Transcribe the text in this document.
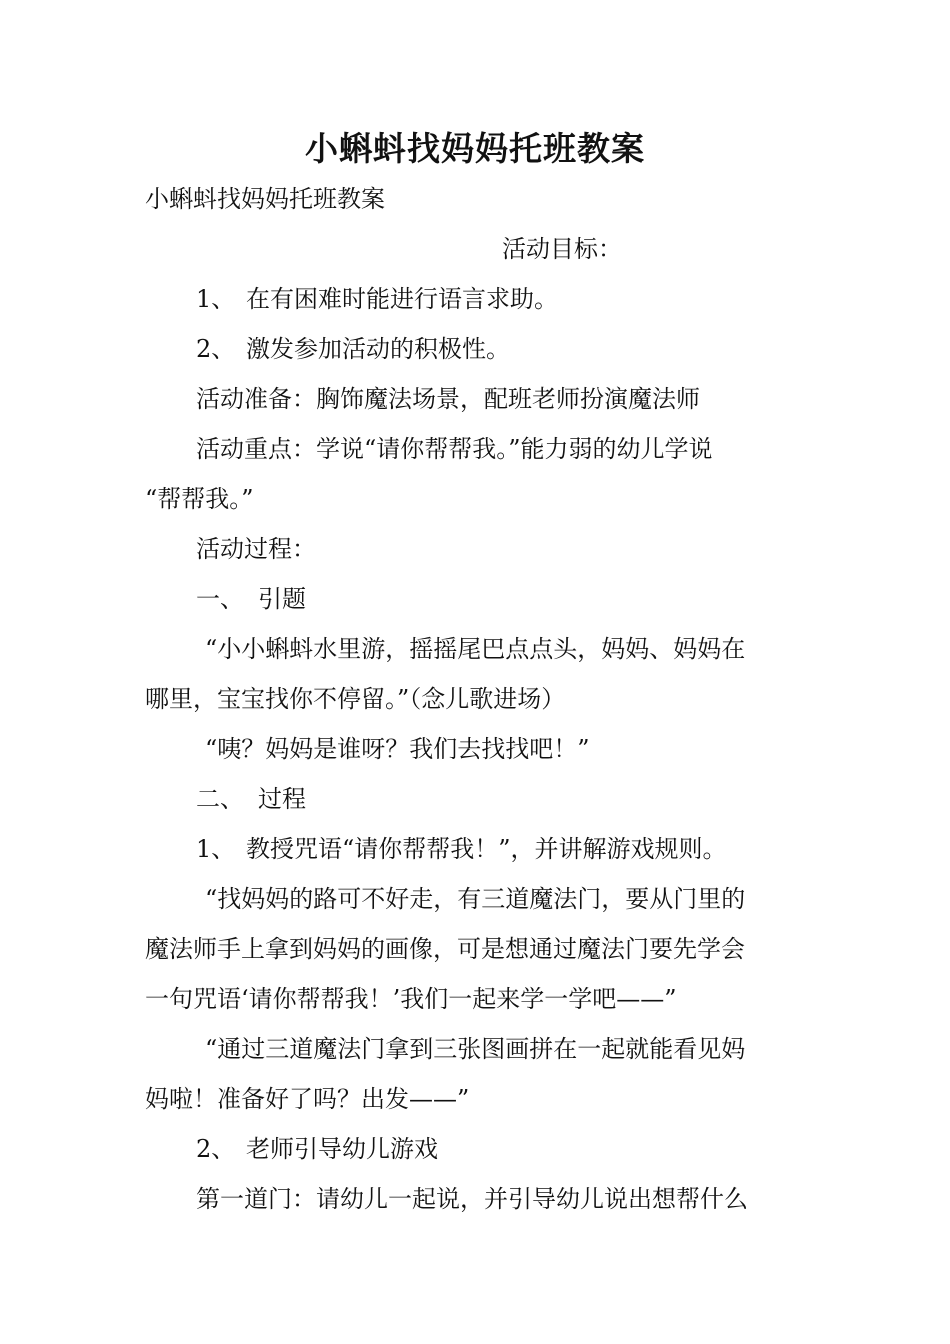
小蝌蚪找妈妈托班教案
小蝌蚪找妈妈托班教案
活动目标：
1、 在有困难时能进行语言求助。
2、 激发参加活动的积极性。
活动准备：胸饰魔法场景，配班老师扮演魔法师
活动重点：学说“请你帮帮我。”能力弱的幼儿学说
“帮帮我。”
活动过程：
一、 引题
“小小蝌蚪水里游，摇摇尾巴点点头，妈妈、妈妈在
哪里，宝宝找你不停留。”（念儿歌进场）
“咦？妈妈是谁呀？我们去找找吧！”
二、 过程
1、 教授咒语“请你帮帮我！”，并讲解游戏规则。
“找妈妈的路可不好走，有三道魔法门，要从门里的
魔法师手上拿到妈妈的画像，可是想通过魔法门要先学会
一句咒语‘请你帮帮我！’我们一起来学一学吧——”
“通过三道魔法门拿到三张图画拼在一起就能看见妈
妈啦！准备好了吗？出发——”
2、 老师引导幼儿游戏
第一道门：请幼儿一起说，并引导幼儿说出想帮什么
